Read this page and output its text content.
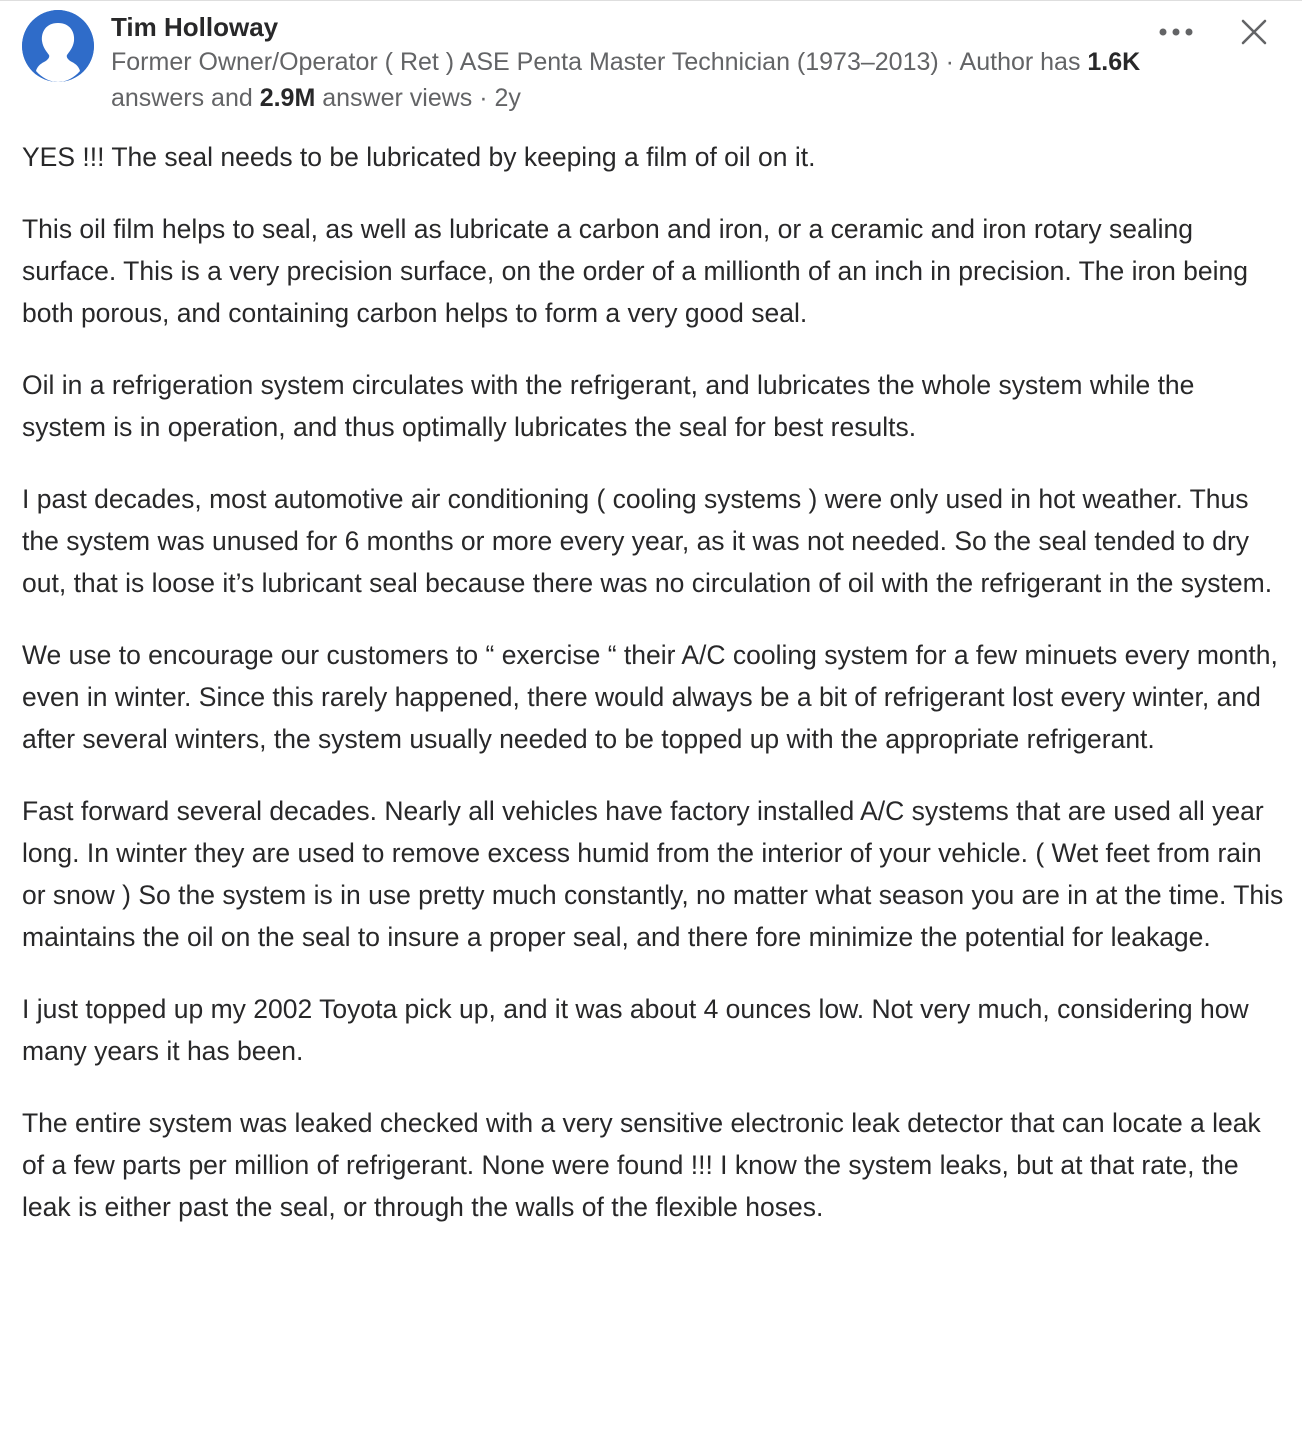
Tim Holloway
Former Owner/Operator ( Ret ) ASE Penta Master Technician (1973–2013) · Author has 1.6K answers and 2.9M answer views · 2y

YES !!! The seal needs to be lubricated by keeping a film of oil on it.

This oil film helps to seal, as well as lubricate a carbon and iron, or a ceramic and iron rotary sealing surface. This is a very precision surface, on the order of a millionth of an inch in precision. The iron being both porous, and containing carbon helps to form a very good seal.

Oil in a refrigeration system circulates with the refrigerant, and lubricates the whole system while the system is in operation, and thus optimally lubricates the seal for best results.

I past decades, most automotive air conditioning ( cooling systems ) were only used in hot weather. Thus the system was unused for 6 months or more every year, as it was not needed. So the seal tended to dry out, that is loose it’s lubricant seal because there was no circulation of oil with the refrigerant in the system.

We use to encourage our customers to “ exercise “ their A/C cooling system for a few minuets every month, even in winter. Since this rarely happened, there would always be a bit of refrigerant lost every winter, and after several winters, the system usually needed to be topped up with the appropriate refrigerant.

Fast forward several decades. Nearly all vehicles have factory installed A/C systems that are used all year long. In winter they are used to remove excess humid from the interior of your vehicle. ( Wet feet from rain or snow ) So the system is in use pretty much constantly, no matter what season you are in at the time. This maintains the oil on the seal to insure a proper seal, and there fore minimize the potential for leakage.

I just topped up my 2002 Toyota pick up, and it was about 4 ounces low. Not very much, considering how many years it has been.

The entire system was leaked checked with a very sensitive electronic leak detector that can locate a leak of a few parts per million of refrigerant. None were found !!! I know the system leaks, but at that rate, the leak is either past the seal, or through the walls of the flexible hoses.
